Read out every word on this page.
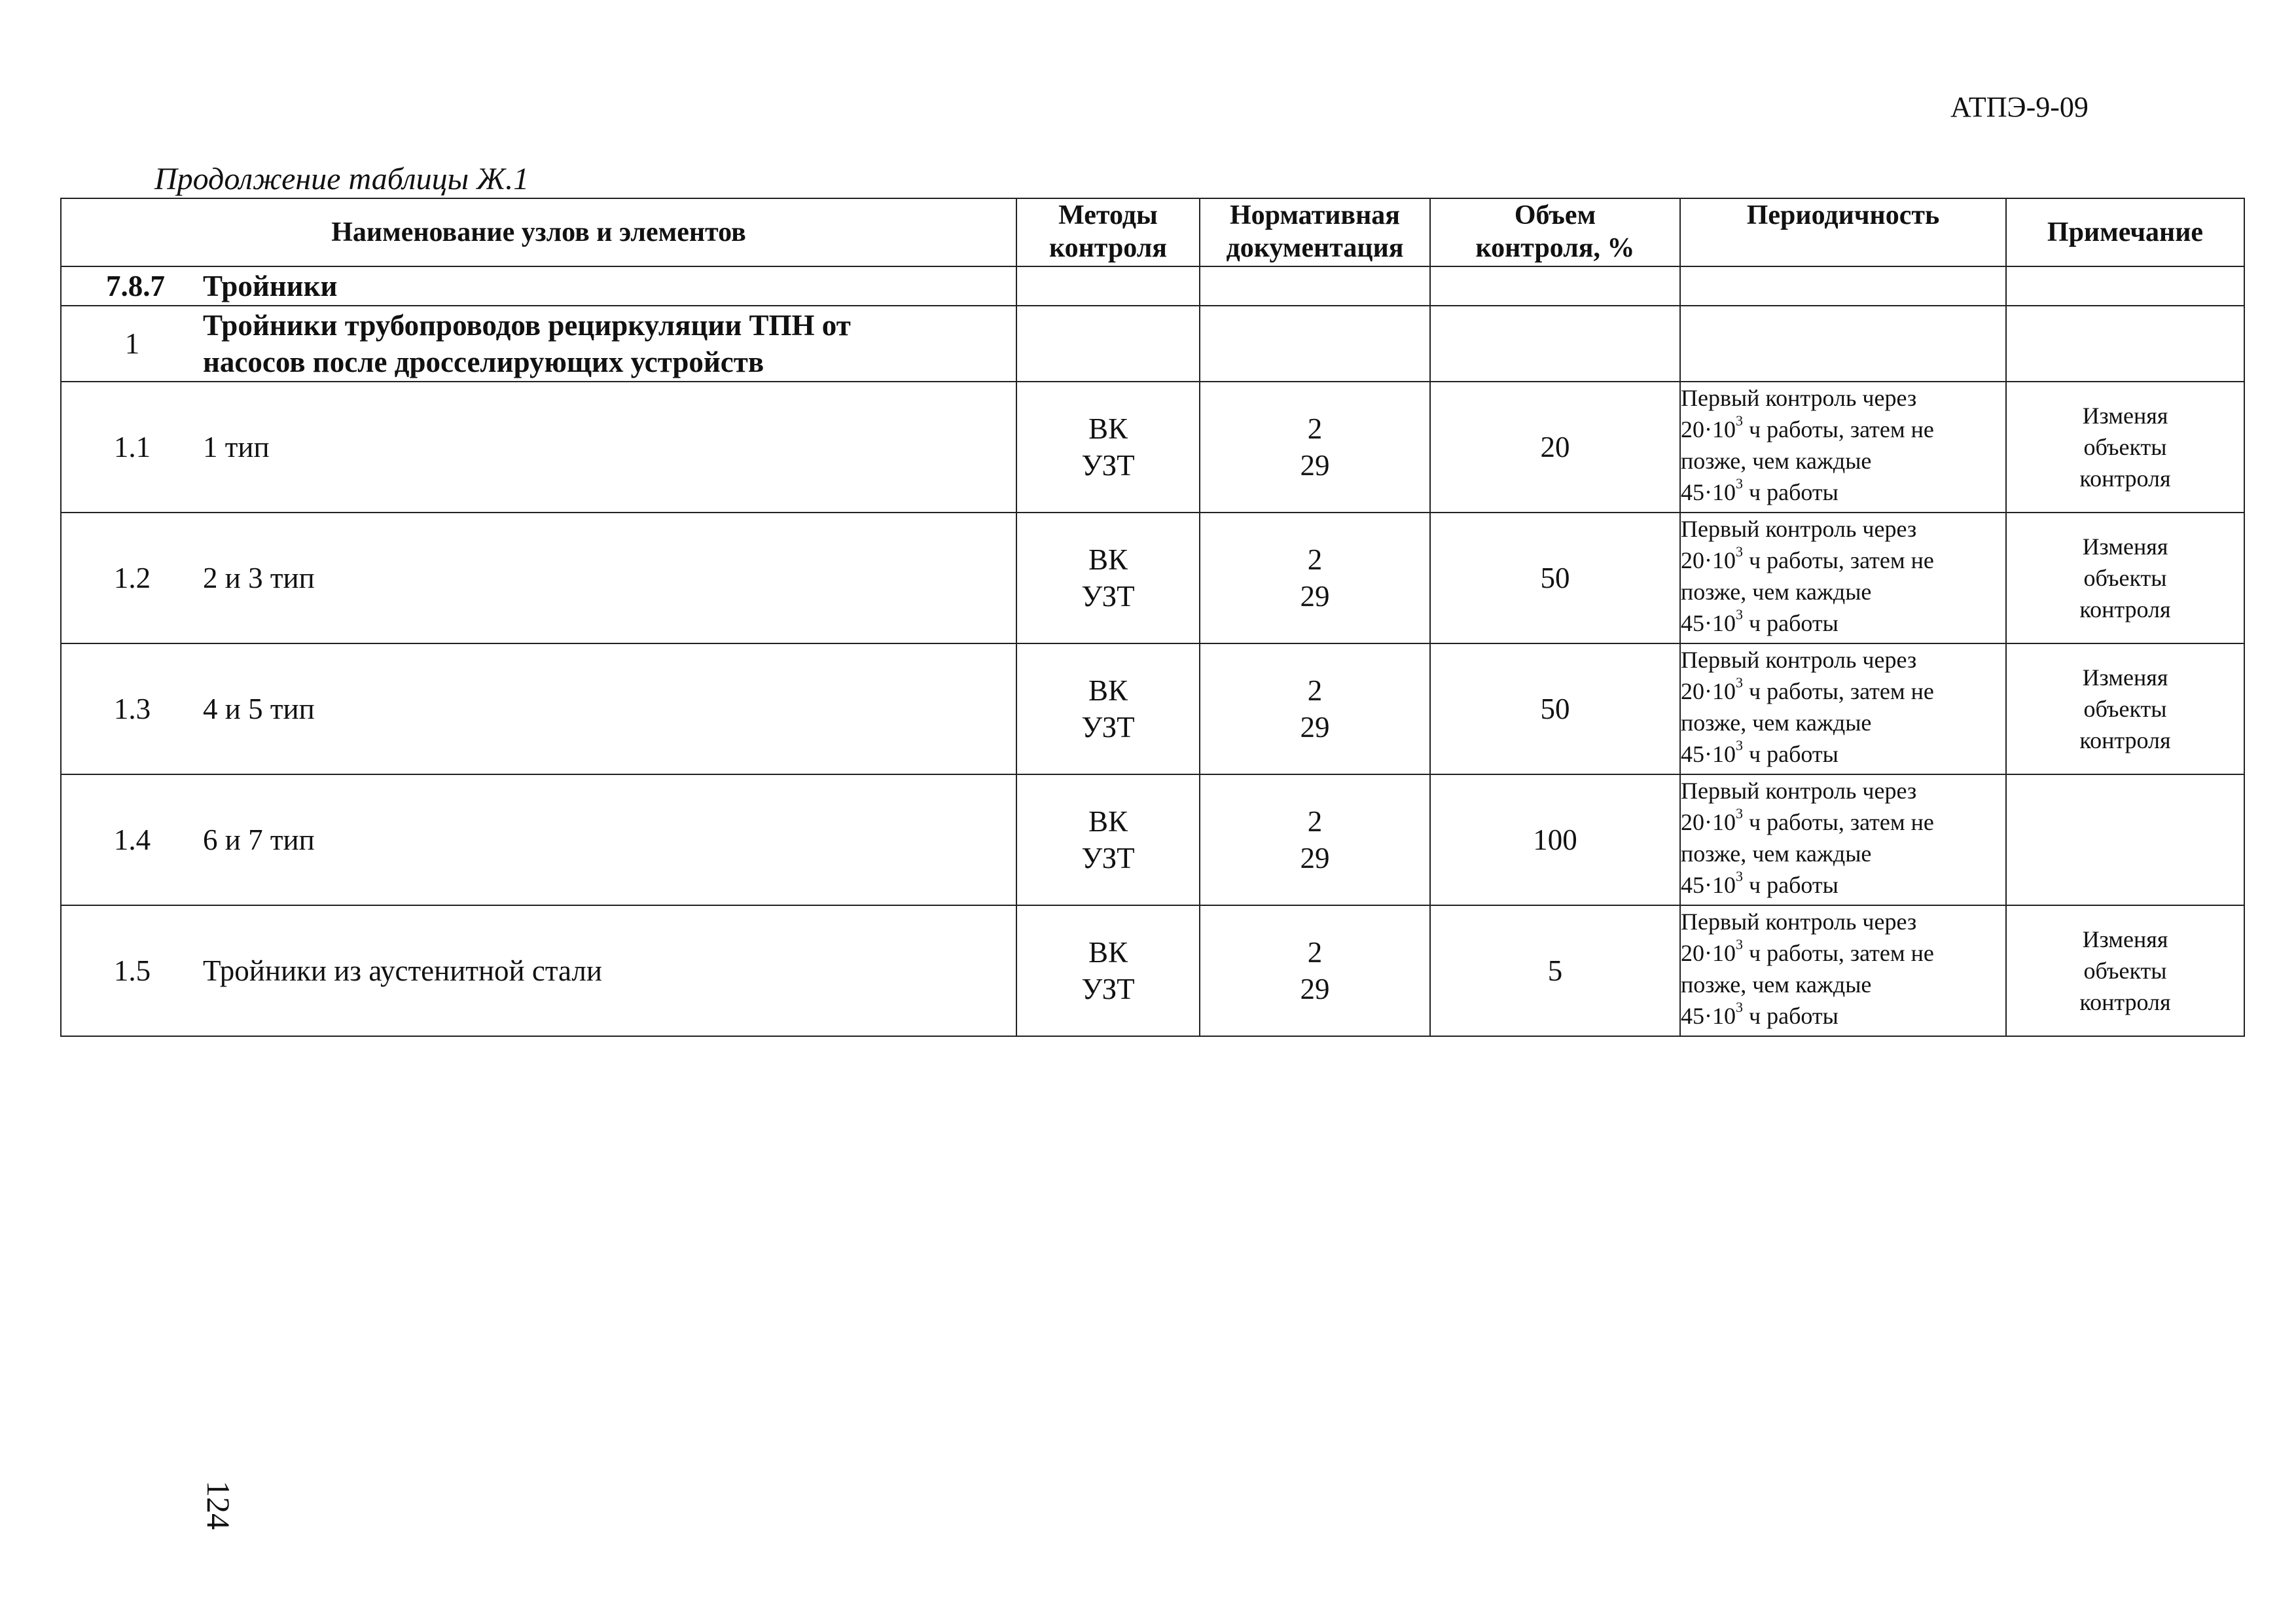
АТПЭ-9-09
Продолжение таблицы Ж.1
Наименование узлов и элементов	Методы
контроля	Нормативная
документация	Объем
контроля, %	Периодичность	Примечание

7.8.7 Тройники					

1
Тройники трубопроводов рециркуляции ТПН от
насосов после дросселирующих устройств					

1.1 1 тип	ВК
УЗТ	2
29	20	Первый контроль через
$20\cdot 10^3$ ч работы, затем не
позже, чем каждые
$45\cdot 10^3$ ч работы	Изменяя
объекты
контроля

1.2 2 и 3 тип	ВК
УЗТ	2
29	50	Первый контроль через
$20\cdot 10^3$ ч работы, затем не
позже, чем каждые
$45\cdot 10^3$ ч работы	Изменяя
объекты
контроля

1.3 4 и 5 тип	ВК
УЗТ	2
29	50	Первый контроль через
$20\cdot 10^3$ ч работы, затем не
позже, чем каждые
$45\cdot 10^3$ ч работы	Изменяя
объекты
контроля

1.4 6 и 7 тип	ВК
УЗТ	2
29	100	Первый контроль через
$20\cdot 10^3$ ч работы, затем не
позже, чем каждые
$45\cdot 10^3$ ч работы	

1.5 Тройники из аустенитной стали	ВК
УЗТ	2
29	5	Первый контроль через
$20\cdot 10^3$ ч работы, затем не
позже, чем каждые
$45\cdot 10^3$ ч работы	Изменяя
объекты
контроля
124
